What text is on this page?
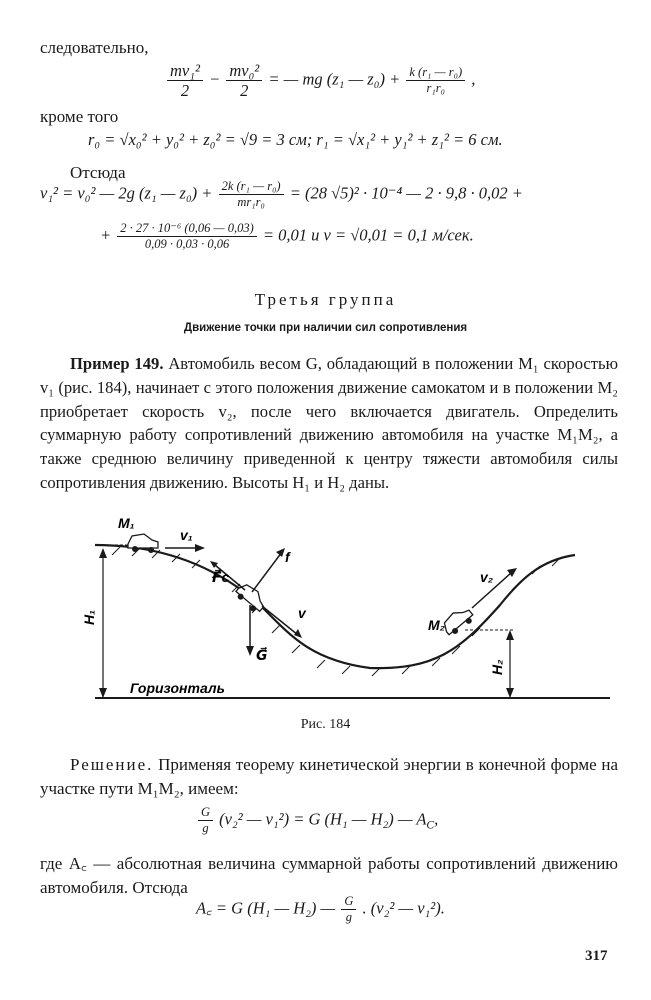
следовательно,
$\frac{\text{mv₁²}}{2} - \frac{\text{mv₀²}}{2}$ = — mg (z₁ — $z_0) + \frac{\text{k (r₁ — r₀)}}{\text{r₁r₀}}$ ,
кроме того
r₀ = √x₀² + y₀² + z₀² = √9 = 3 см; r₁ = √x₁² + y₁² + z₁² = 6 см.
Отсюда
v₁² = v₀² — 2g (z₁ — $z_0) + \frac{\text{2k (r₁ — r₀)}}{\text{mr₁r₀}} = (28$ √5)² · 10⁻⁴ — 2 · 9,8 · 0,02 +
+ $\frac{\text{2 · 27 · 10⁻⁶ (0,06 — 0,03)}}{0,09 \cdot 0,03 \cdot 0,06} = 0,01$ и v = √0,01 = 0,1 м/сек.
Третья группа
Движение точки при наличии сил сопротивления

Пример 149. Автомобиль весом G, обладающий в положении M₁ скоростью v₁ (рис. 184), начинает с этого положения движение самокатом и в положении M₂ приобретает скорость v₂, после чего включается двигатель. Определить суммарную работу сопротивлений движению автомобиля на участке M₁M₂, а также среднюю величину приведенной к центру тяжести автомобиля силы сопротивления движению. Высоты H₁ и H₂ даны.

M₁
v₁
F⃗c
f
v
G⃗
v₂
M₂
H₁
H₂
Горизонталь
Рис. 184

Решение. Применяя теорему кинетической энергии в конечной форме на участке пути M₁M₂, имеем:

$\frac{G}{g} (v_2^2$ — v₁²) = G (H₁ — H₂) — $A_C$,

где A꜀ — абсолютная величина суммарной работы сопротивлений движению автомобиля. Отсюда

A꜀ = G (H₁ — H₂) — $\frac{G}{g}$ . (v₂² — v₁²).
317
